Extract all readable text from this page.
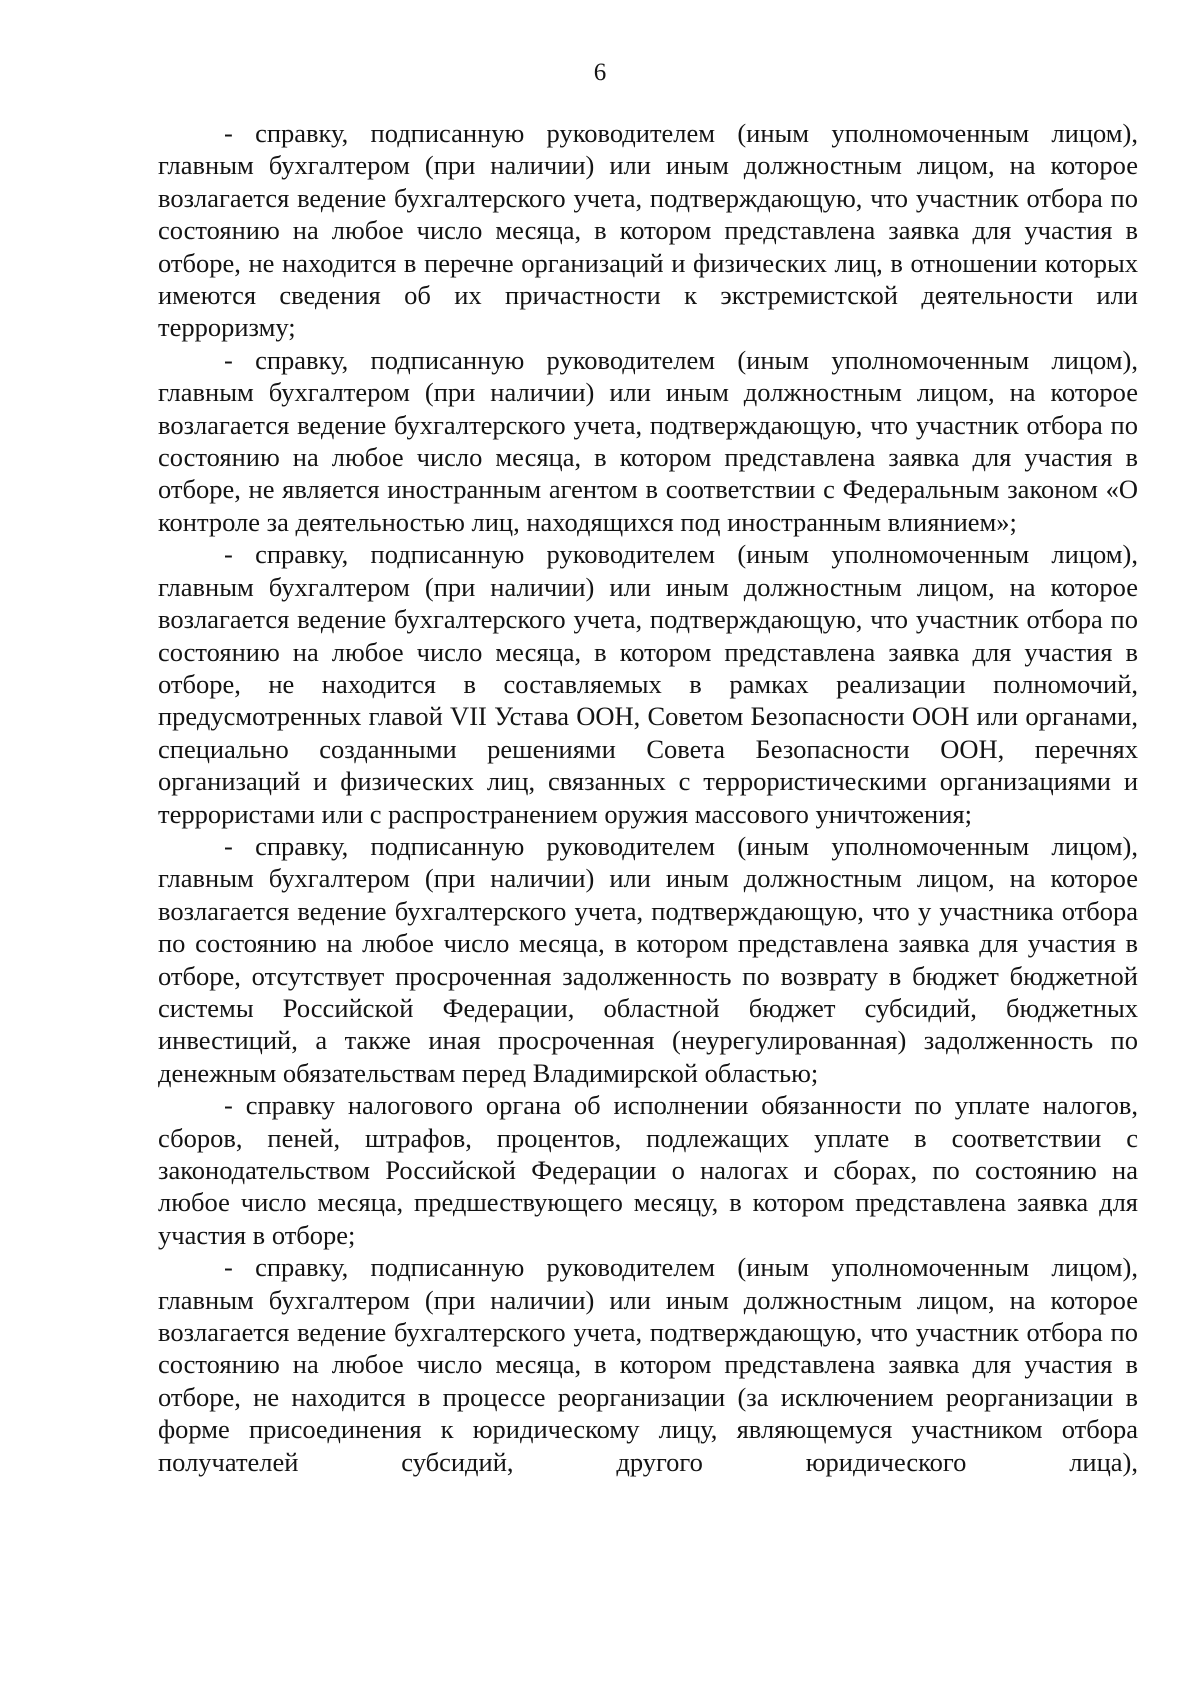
6

- справку, подписанную руководителем (иным уполномоченным лицом), главным бухгалтером (при наличии) или иным должностным лицом, на которое возлагается ведение бухгалтерского учета, подтверждающую, что участник отбора по состоянию на любое число месяца, в котором представлена заявка для участия в отборе, не находится в перечне организаций и физических лиц, в отношении которых имеются сведения об их причастности к экстремистской деятельности или терроризму;

- справку, подписанную руководителем (иным уполномоченным лицом), главным бухгалтером (при наличии) или иным должностным лицом, на которое возлагается ведение бухгалтерского учета, подтверждающую, что участник отбора по состоянию на любое число месяца, в котором представлена заявка для участия в отборе, не является иностранным агентом в соответствии с Федеральным законом «О контроле за деятельностью лиц, находящихся под иностранным влиянием»;

- справку, подписанную руководителем (иным уполномоченным лицом), главным бухгалтером (при наличии) или иным должностным лицом, на которое возлагается ведение бухгалтерского учета, подтверждающую, что участник отбора по состоянию на любое число месяца, в котором представлена заявка для участия в отборе, не находится в составляемых в рамках реализации полномочий, предусмотренных главой VII Устава ООН, Советом Безопасности ООН или органами, специально созданными решениями Совета Безопасности ООН, перечнях организаций и физических лиц, связанных с террористическими организациями и террористами или с распространением оружия массового уничтожения;

- справку, подписанную руководителем (иным уполномоченным лицом), главным бухгалтером (при наличии) или иным должностным лицом, на которое возлагается ведение бухгалтерского учета, подтверждающую, что у участника отбора по состоянию на любое число месяца, в котором представлена заявка для участия в отборе, отсутствует просроченная задолженность по возврату в бюджет бюджетной системы Российской Федерации, областной бюджет субсидий, бюджетных инвестиций, а также иная просроченная (неурегулированная) задолженность по денежным обязательствам перед Владимирской областью;

- справку налогового органа об исполнении обязанности по уплате налогов, сборов, пеней, штрафов, процентов, подлежащих уплате в соответствии с законодательством Российской Федерации о налогах и сборах, по состоянию на любое число месяца, предшествующего месяцу, в котором представлена заявка для участия в отборе;

- справку, подписанную руководителем (иным уполномоченным лицом), главным бухгалтером (при наличии) или иным должностным лицом, на которое возлагается ведение бухгалтерского учета, подтверждающую, что участник отбора по состоянию на любое число месяца, в котором представлена заявка для участия в отборе, не находится в процессе реорганизации (за исключением реорганизации в форме присоединения к юридическому лицу, являющемуся участником отбора получателей субсидий, другого юридического лица),
